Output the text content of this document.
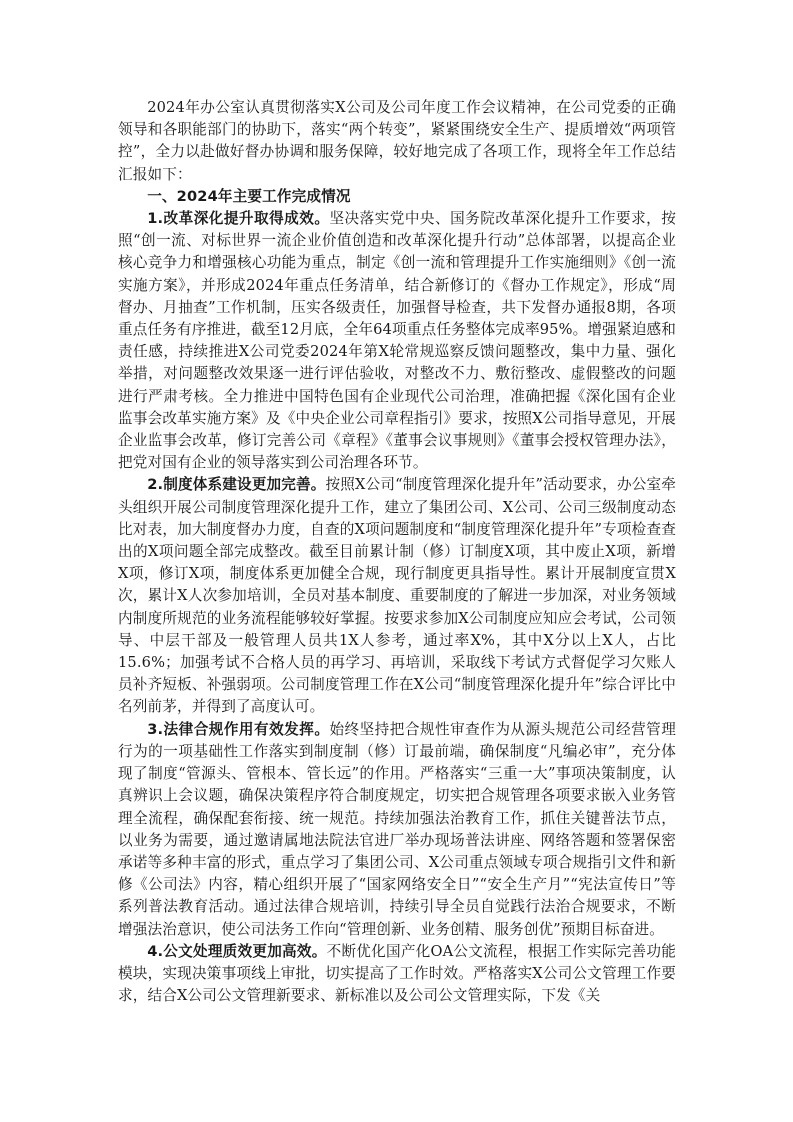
2024年办公室认真贯彻落实X公司及公司年度工作会议精神，在公司党委的正确领导和各职能部门的协助下，落实“两个转变”，紧紧围绕安全生产、提质增效“两项管控”，全力以赴做好督办协调和服务保障，较好地完成了各项工作，现将全年工作总结汇报如下：

一、2024年主要工作完成情况

1.改革深化提升取得成效。坚决落实党中央、国务院改革深化提升工作要求，按照“创一流、对标世界一流企业价值创造和改革深化提升行动”总体部署，以提高企业核心竞争力和增强核心功能为重点，制定《创一流和管理提升工作实施细则》《创一流实施方案》，并形成2024年重点任务清单，结合新修订的《督办工作规定》，形成“周督办、月抽查”工作机制，压实各级责任，加强督导检查，共下发督办通报8期，各项重点任务有序推进，截至12月底，全年64项重点任务整体完成率95%。增强紧迫感和责任感，持续推进X公司党委2024年第X轮常规巡察反馈问题整改，集中力量、强化举措，对问题整改效果逐一进行评估验收，对整改不力、敷衍整改、虚假整改的问题进行严肃考核。全力推进中国特色国有企业现代公司治理，准确把握《深化国有企业监事会改革实施方案》及《中央企业公司章程指引》要求，按照X公司指导意见，开展企业监事会改革，修订完善公司《章程》《董事会议事规则》《董事会授权管理办法》，把党对国有企业的领导落实到公司治理各环节。

2.制度体系建设更加完善。按照X公司“制度管理深化提升年”活动要求，办公室牵头组织开展公司制度管理深化提升工作，建立了集团公司、X公司、公司三级制度动态比对表，加大制度督办力度，自查的X项问题制度和“制度管理深化提升年”专项检查查出的X项问题全部完成整改。截至目前累计制（修）订制度X项，其中废止X项，新增X项，修订X项，制度体系更加健全合规，现行制度更具指导性。累计开展制度宣贯X次，累计X人次参加培训，全员对基本制度、重要制度的了解进一步加深，对业务领域内制度所规范的业务流程能够较好掌握。按要求参加X公司制度应知应会考试，公司领导、中层干部及一般管理人员共1X人参考，通过率X%，其中X分以上X人，占比15.6%；加强考试不合格人员的再学习、再培训，采取线下考试方式督促学习欠账人员补齐短板、补强弱项。公司制度管理工作在X公司“制度管理深化提升年”综合评比中名列前茅，并得到了高度认可。

3.法律合规作用有效发挥。始终坚持把合规性审查作为从源头规范公司经营管理行为的一项基础性工作落实到制度制（修）订最前端，确保制度“凡编必审”，充分体现了制度“管源头、管根本、管长远”的作用。严格落实“三重一大”事项决策制度，认真辨识上会议题，确保决策程序符合制度规定，切实把合规管理各项要求嵌入业务管理全流程，确保配套衔接、统一规范。持续加强法治教育工作，抓住关键普法节点，以业务为需要，通过邀请属地法院法官进厂举办现场普法讲座、网络答题和签署保密承诺等多种丰富的形式，重点学习了集团公司、X公司重点领域专项合规指引文件和新修《公司法》内容，精心组织开展了“国家网络安全日”“安全生产月”“宪法宣传日”等系列普法教育活动。通过法律合规培训，持续引导全员自觉践行法治合规要求，不断增强法治意识，使公司法务工作向“管理创新、业务创精、服务创优”预期目标奋进。

4.公文处理质效更加高效。不断优化国产化OA公文流程，根据工作实际完善功能模块，实现决策事项线上审批，切实提高了工作时效。严格落实X公司公文管理工作要求，结合X公司公文管理新要求、新标准以及公司公文管理实际，下发《关
